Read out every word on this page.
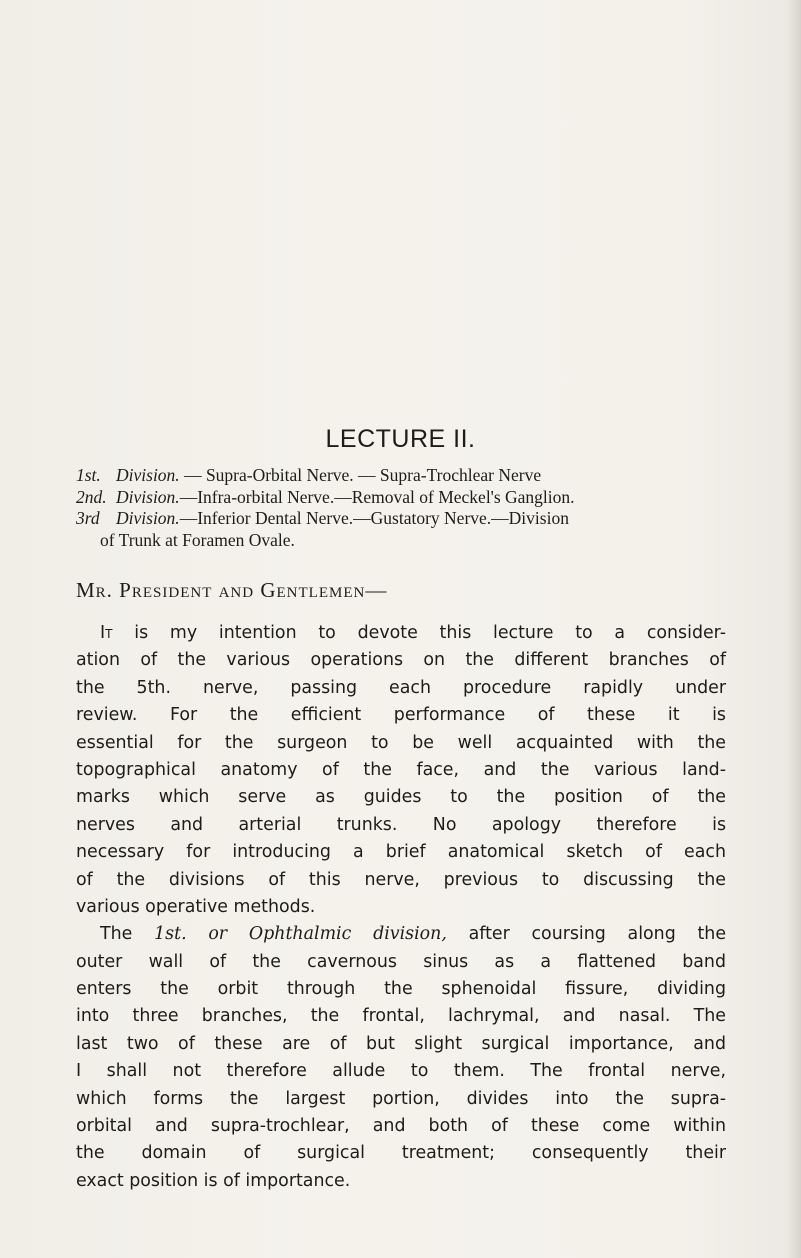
LECTURE II.
1st. Division. — Supra-Orbital Nerve. — Supra-Trochlear Nerve
2nd. Division.—Infra-orbital Nerve.—Removal of Meckel's Ganglion.
3rd Division.—Inferior Dental Nerve.—Gustatory Nerve.—Division
of Trunk at Foramen Ovale.
Mr. President and Gentlemen—
It is my intention to devote this lecture to a consider-
ation of the various operations on the different branches of
the 5th. nerve, passing each procedure rapidly under
review. For the efficient performance of these it is
essential for the surgeon to be well acquainted with the
topographical anatomy of the face, and the various land-
marks which serve as guides to the position of the
nerves and arterial trunks. No apology therefore is
necessary for introducing a brief anatomical sketch of each
of the divisions of this nerve, previous to discussing the
various operative methods.
The 1st. or Ophthalmic division, after coursing along the
outer wall of the cavernous sinus as a flattened band
enters the orbit through the sphenoidal fissure, dividing
into three branches, the frontal, lachrymal, and nasal. The
last two of these are of but slight surgical importance, and
I shall not therefore allude to them. The frontal nerve,
which forms the largest portion, divides into the supra-
orbital and supra-trochlear, and both of these come within
the domain of surgical treatment; consequently their
exact position is of importance.
